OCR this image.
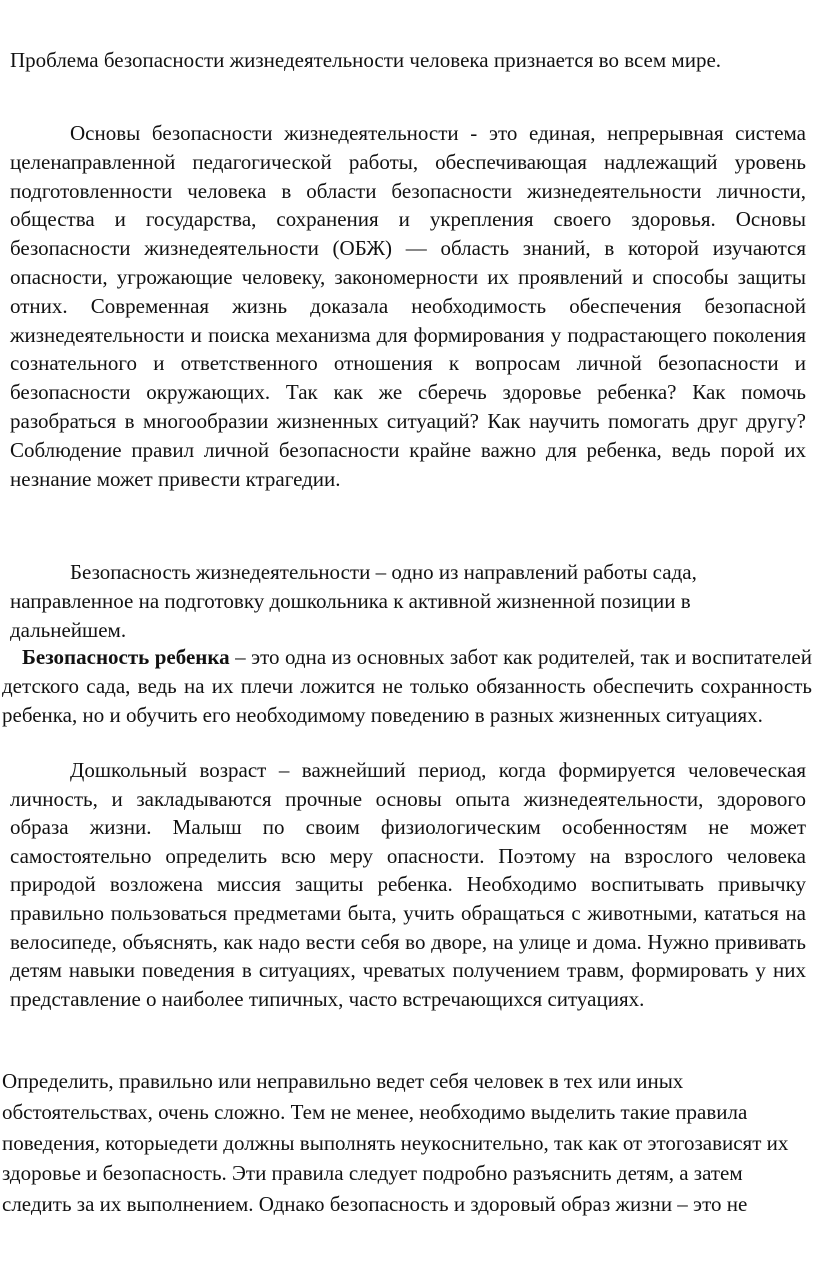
Проблема безопасности жизнедеятельности человека признается во всем мире.

Основы безопасности жизнедеятельности - это единая, непрерывная система целенаправленной педагогической работы, обеспечивающая надлежащий уровень подготовленности человека в области безопасности жизнедеятельности личности, общества и государства, сохранения и укрепления своего здоровья. Основы безопасности жизнедеятельности (ОБЖ) — область знаний, в которой изучаются опасности, угрожающие человеку, закономерности их проявлений и способы защиты отних. Современная жизнь доказала необходимость обеспечения безопасной жизнедеятельности и поиска механизма для формирования у подрастающего поколения сознательного и ответственного отношения к вопросам личной безопасности и безопасности окружающих. Так как же сберечь здоровье ребенка? Как помочь разобраться в многообразии жизненных ситуаций? Как научить помогать друг другу? Соблюдение правил личной безопасности крайне важно для ребенка, ведь порой их незнание может привести ктрагедии.

Безопасность жизнедеятельности – одно из направлений работы сада, направленное на подготовку дошкольника к активной жизненной позиции в дальнейшем.

Безопасность ребенка – это одна из основных забот как родителей, так и воспитателей детского сада, ведь на их плечи ложится не только обязанность обеспечить сохранность ребенка, но и обучить его необходимому поведению в разных жизненных ситуациях.

Дошкольный возраст – важнейший период, когда формируется человеческая личность, и закладываются прочные основы опыта жизнедеятельности, здорового образа жизни. Малыш по своим физиологическим особенностям не может самостоятельно определить всю меру опасности. Поэтому на взрослого человека природой возложена миссия защиты ребенка. Необходимо воспитывать привычку правильно пользоваться предметами быта, учить обращаться с животными, кататься на велосипеде, объяснять, как надо вести себя во дворе, на улице и дома. Нужно прививать детям навыки поведения в ситуациях, чреватых получением травм, формировать у них представление о наиболее типичных, часто встречающихся ситуациях.

Определить, правильно или неправильно ведет себя человек в тех или иных обстоятельствах, очень сложно. Тем не менее, необходимо выделить такие правила поведения, которыедети должны выполнять неукоснительно, так как от этогозависят их здоровье и безопасность. Эти правила следует подробно разъяснить детям, а затем следить за их выполнением. Однако безопасность и здоровый образ жизни – это не
